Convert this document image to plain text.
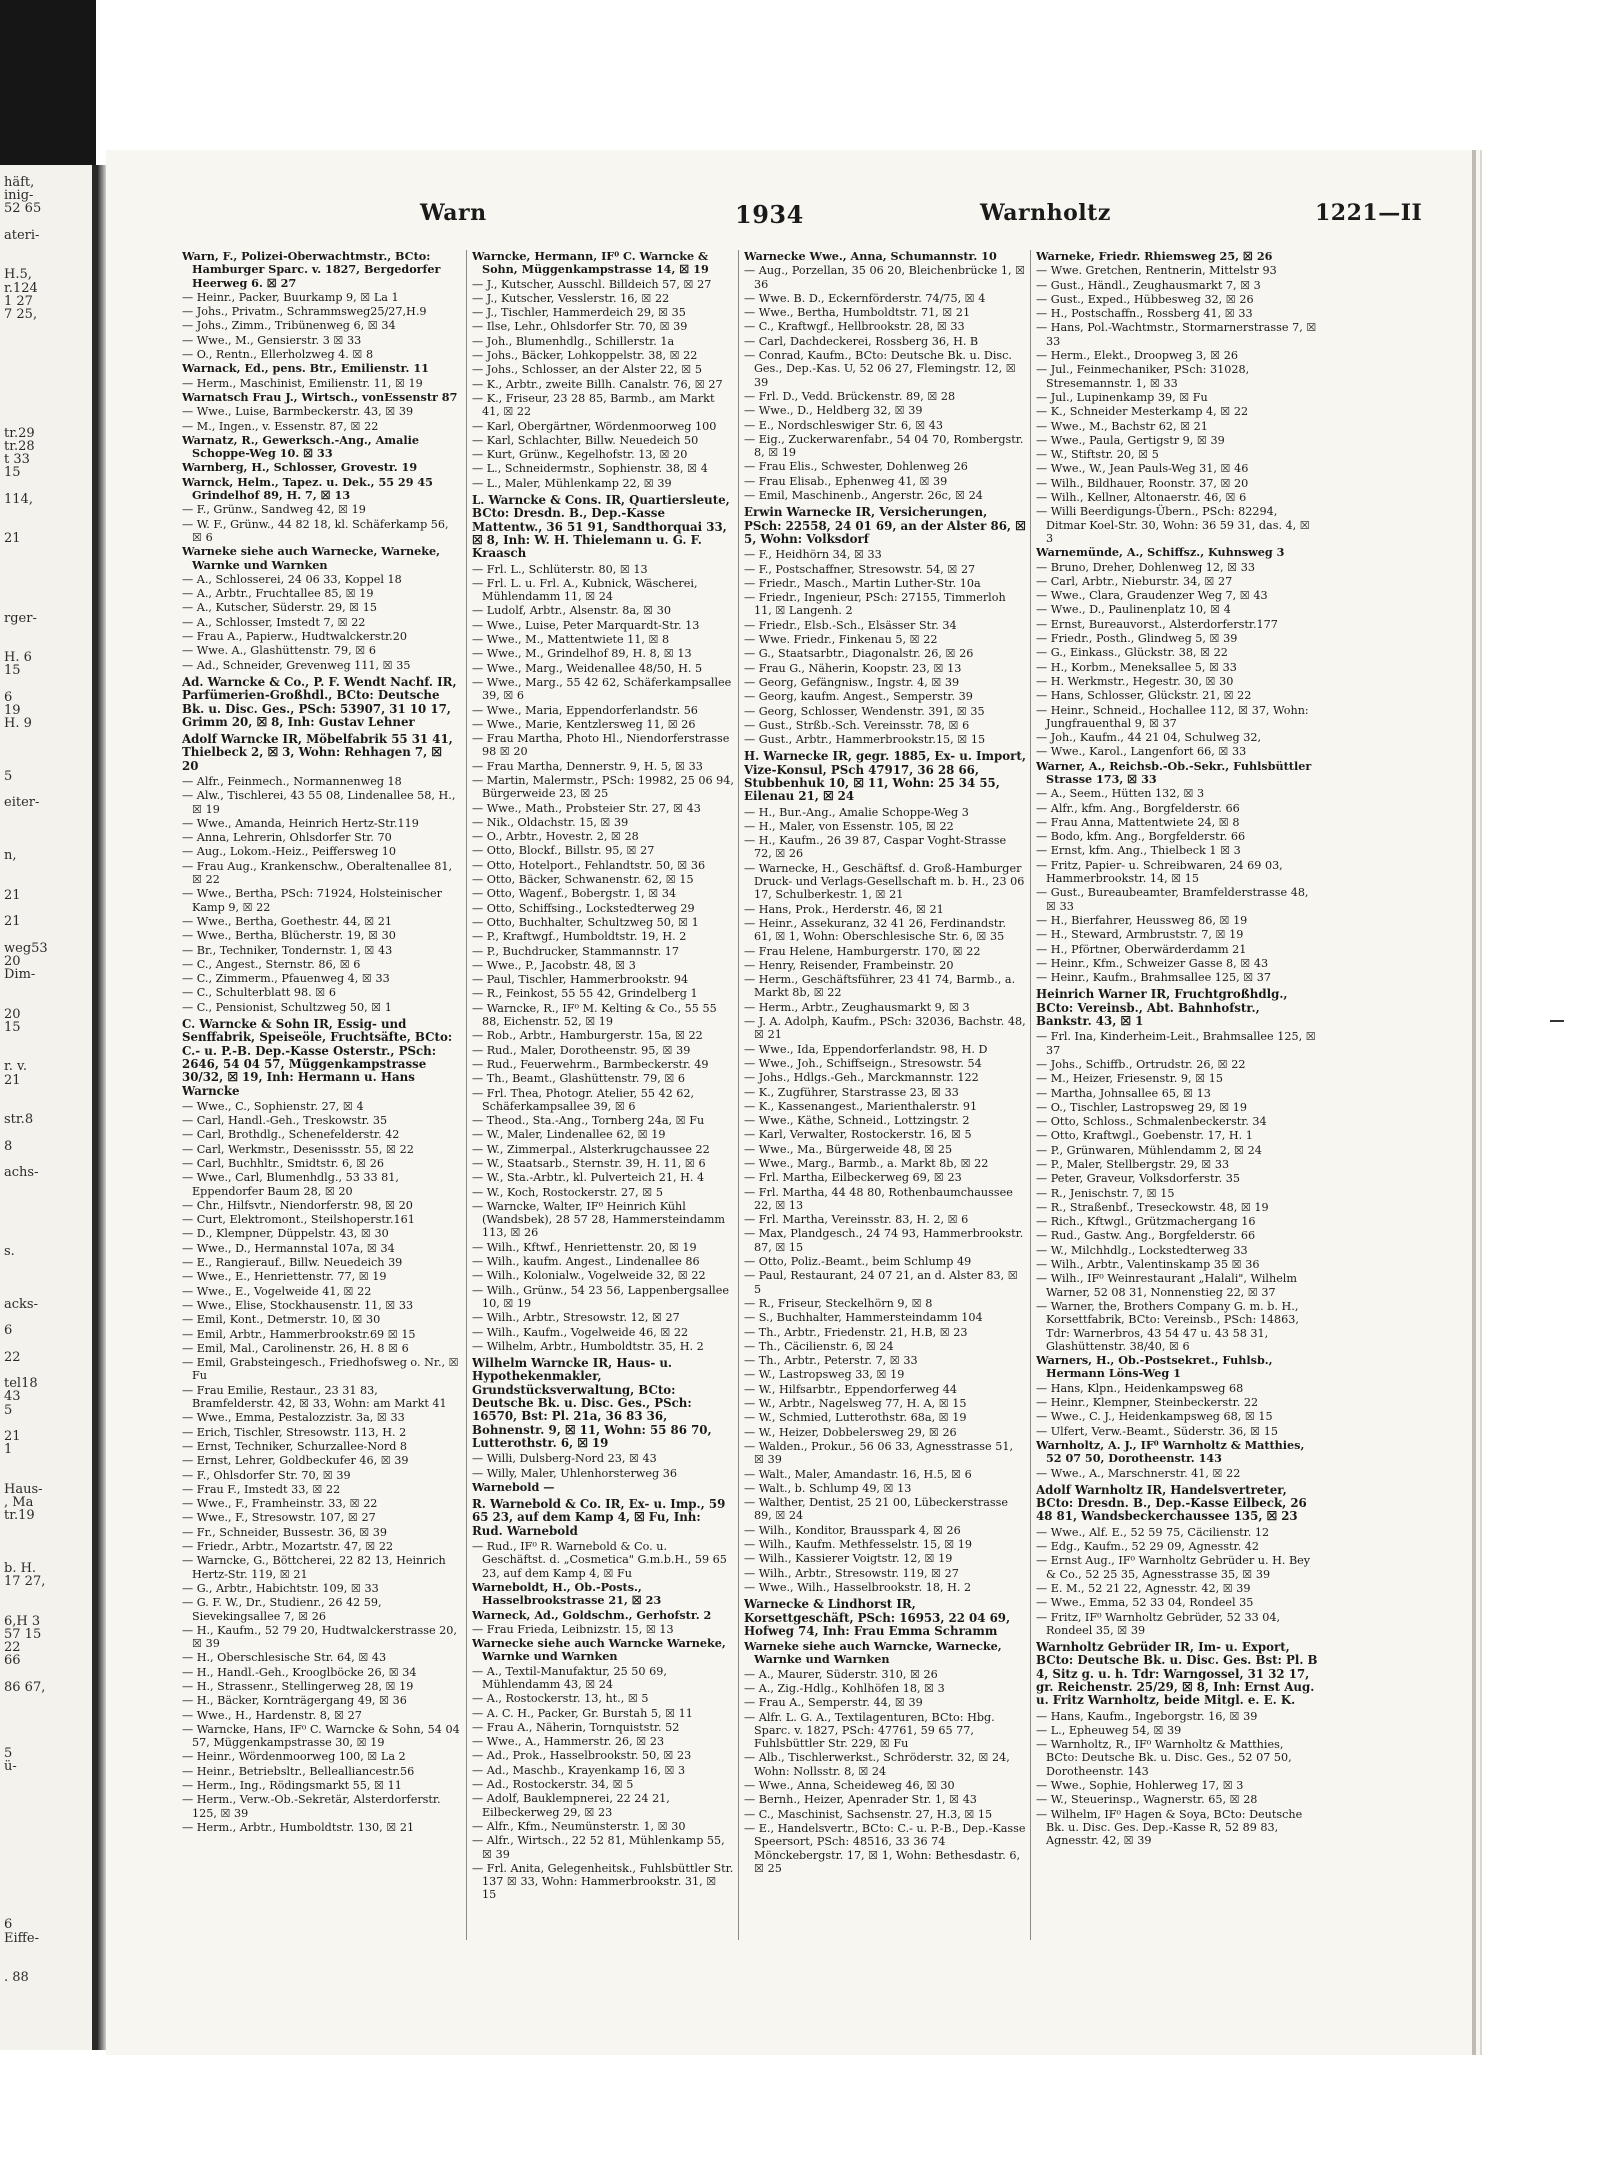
häft,
inig-
52 65
ateri-
H.5,
r.124
1 27
7 25,
tr.29
tr.28
t 33
15
114,
21
rger-
H. 6
15
6
19
H. 9
5
eiter-
n,
21
21
weg53
20
Dim-
20
15
r. v.
21
str.8
8
achs-
s.
acks-
6
22
tel18
43
5
21
1
Haus-
, Ma
tr.19
b. H.
17 27,
6,H 3
57 15
22
66
86 67,
5
ü-
6
Eiffe-
. 88
Warn	1934	Warnholtz	1221—II
Warn, F., Polizei-Oberwachtmstr., BCto: Hamburger Sparc. v. 1827, Bergedorfer Heerweg 6. ☒ 27
— Heinr., Packer, Buurkamp 9, ☒ La 1
— Johs., Privatm., Schrammsweg25/27,H.9
— Johs., Zimm., Tribünenweg 6, ☒ 34
— Wwe., M., Gensierstr. 3 ☒ 33
— O., Rentn., Ellerholzweg 4. ☒ 8
Warnack, Ed., pens. Btr., Emilienstr. 11
— Herm., Maschinist, Emilienstr. 11, ☒ 19
Warnatsch Frau J., Wirtsch., vonEssenstr 87
— Wwe., Luise, Barmbeckerstr. 43, ☒ 39
— M., Ingen., v. Essenstr. 87, ☒ 22
Warnatz, R., Gewerksch.-Ang., Amalie Schoppe-Weg 10. ☒ 33
Warnberg, H., Schlosser, Grovestr. 19
Warnck, Helm., Tapez. u. Dek., 55 29 45 Grindelhof 89, H. 7, ☒ 13
— F., Grünw., Sandweg 42, ☒ 19
— W. F., Grünw., 44 82 18, kl. Schäferkamp 56, ☒ 6
Warneke siehe auch Warnecke, Warneke, Warnke und Warnken
— A., Schlosserei, 24 06 33, Koppel 18
— A., Arbtr., Fruchtallee 85, ☒ 19
— A., Kutscher, Süderstr. 29, ☒ 15
— A., Schlosser, Imstedt 7, ☒ 22
— Frau A., Papierw., Hudtwalckerstr.20
— Wwe. A., Glashüttenstr. 79, ☒ 6
— Ad., Schneider, Grevenweg 111, ☒ 35
Ad. Warncke & Co., P. F. Wendt Nachf. IR, Parfümerien-Großhdl., BCto: Deutsche Bk. u. Disc. Ges., PSch: 53907, 31 10 17, Grimm 20, ☒ 8, Inh: Gustav Lehner
Adolf Warncke IR, Möbelfabrik 55 31 41, Thielbeck 2, ☒ 3, Wohn: Rehhagen 7, ☒ 20
— Alfr., Feinmech., Normannenweg 18
— Alw., Tischlerei, 43 55 08, Lindenallee 58, H., ☒ 19
— Wwe., Amanda, Heinrich Hertz-Str.119
— Anna, Lehrerin, Ohlsdorfer Str. 70
— Aug., Lokom.-Heiz., Peiffersweg 10
— Frau Aug., Krankenschw., Oberaltenallee 81, ☒ 22
— Wwe., Bertha, PSch: 71924, Holsteinischer Kamp 9, ☒ 22
— Wwe., Bertha, Goethestr. 44, ☒ 21
— Wwe., Bertha, Blücherstr. 19, ☒ 30
— Br., Techniker, Tondernstr. 1, ☒ 43
— C., Angest., Sternstr. 86, ☒ 6
— C., Zimmerm., Pfauenweg 4, ☒ 33
— C., Schulterblatt 98. ☒ 6
— C., Pensionist, Schultzweg 50, ☒ 1
C. Warncke & Sohn IR, Essig- und Senffabrik, Speiseöle, Fruchtsäfte, BCto: C.- u. P.-B. Dep.-Kasse Osterstr., PSch: 2646, 54 04 57, Müggenkampstrasse 30/32, ☒ 19, Inh: Hermann u. Hans Warncke
— Wwe., C., Sophienstr. 27, ☒ 4
— Carl, Handl.-Geh., Treskowstr. 35
— Carl, Brothdlg., Schenefelderstr. 42
— Carl, Werkmstr., Desenissstr. 55, ☒ 22
— Carl, Buchhltr., Smidtstr. 6, ☒ 26
— Wwe., Carl, Blumenhdlg., 53 33 81, Eppendorfer Baum 28, ☒ 20
— Chr., Hilfsvtr., Niendorferstr. 98, ☒ 20
— Curt, Elektromont., Steilshoperstr.161
— D., Klempner, Düppelstr. 43, ☒ 30
— Wwe., D., Hermannstal 107a, ☒ 34
— E., Rangierauf., Billw. Neuedeich 39
— Wwe., E., Henriettenstr. 77, ☒ 19
— Wwe., E., Vogelweide 41, ☒ 22
— Wwe., Elise, Stockhausenstr. 11, ☒ 33
— Emil, Kont., Detmerstr. 10, ☒ 30
— Emil, Arbtr., Hammerbrookstr.69 ☒ 15
— Emil, Mal., Carolinenstr. 26, H. 8 ☒ 6
— Emil, Grabsteingesch., Friedhofsweg o. Nr., ☒ Fu
— Frau Emilie, Restaur., 23 31 83, Bramfelderstr. 42, ☒ 33, Wohn: am Markt 41
— Wwe., Emma, Pestalozzistr. 3a, ☒ 33
— Erich, Tischler, Stresowstr. 113, H. 2
— Ernst, Techniker, Schurzallee-Nord 8
— Ernst, Lehrer, Goldbeckufer 46, ☒ 39
— F., Ohlsdorfer Str. 70, ☒ 39
— Frau F., Imstedt 33, ☒ 22
— Wwe., F., Framheinstr. 33, ☒ 22
— Wwe., F., Stresowstr. 107, ☒ 27
— Fr., Schneider, Bussestr. 36, ☒ 39
— Friedr., Arbtr., Mozartstr. 47, ☒ 22
— Warncke, G., Böttcherei, 22 82 13, Heinrich Hertz-Str. 119, ☒ 21
— G., Arbtr., Habichtstr. 109, ☒ 33
— G. F. W., Dr., Studienr., 26 42 59, Sievekingsallee 7, ☒ 26
— H., Kaufm., 52 79 20, Hudtwalckerstrasse 20, ☒ 39
— H., Oberschlesische Str. 64, ☒ 43
— H., Handl.-Geh., Krooglböcke 26, ☒ 34
— H., Strassenr., Stellingerweg 28, ☒ 19
— H., Bäcker, Kornträgergang 49, ☒ 36
— Wwe., H., Hardenstr. 8, ☒ 27
— Warncke, Hans, ⅠF⁰ C. Warncke & Sohn, 54 04 57, Müggenkampstrasse 30, ☒ 19
— Heinr., Wördenmoorweg 100, ☒ La 2
— Heinr., Betriebsltr., Bellealliancestr.56
— Herm., Ing., Rödingsmarkt 55, ☒ 11
— Herm., Verw.-Ob.-Sekretär, Alsterdorferstr. 125, ☒ 39
— Herm., Arbtr., Humboldtstr. 130, ☒ 21
Warncke, Hermann, ⅠF⁰ C. Warncke & Sohn, Müggenkampstrasse 14, ☒ 19
— J., Kutscher, Ausschl. Billdeich 57, ☒ 27
— J., Kutscher, Vesslerstr. 16, ☒ 22
— J., Tischler, Hammerdeich 29, ☒ 35
— Ilse, Lehr., Ohlsdorfer Str. 70, ☒ 39
— Joh., Blumenhdlg., Schillerstr. 1a
— Johs., Bäcker, Lohkoppelstr. 38, ☒ 22
— Johs., Schlosser, an der Alster 22, ☒ 5
— K., Arbtr., zweite Billh. Canalstr. 76, ☒ 27
— K., Friseur, 23 28 85, Barmb., am Markt 41, ☒ 22
— Karl, Obergärtner, Wördenmoorweg 100
— Karl, Schlachter, Billw. Neuedeich 50
— Kurt, Grünw., Kegelhofstr. 13, ☒ 20
— L., Schneidermstr., Sophienstr. 38, ☒ 4
— L., Maler, Mühlenkamp 22, ☒ 39
L. Warncke & Cons. IR, Quartiersleute, BCto: Dresdn. B., Dep.-Kasse Mattentw., 36 51 91, Sandthorquai 33, ☒ 8, Inh: W. H. Thielemann u. G. F. Kraasch
— Frl. L., Schlüterstr. 80, ☒ 13
— Frl. L. u. Frl. A., Kubnick, Wäscherei, Mühlendamm 11, ☒ 24
— Ludolf, Arbtr., Alsenstr. 8a, ☒ 30
— Wwe., Luise, Peter Marquardt-Str. 13
— Wwe., M., Mattentwiete 11, ☒ 8
— Wwe., M., Grindelhof 89, H. 8, ☒ 13
— Wwe., Marg., Weidenallee 48/50, H. 5
— Wwe., Marg., 55 42 62, Schäferkampsallee 39, ☒ 6
— Wwe., Maria, Eppendorferlandstr. 56
— Wwe., Marie, Kentzlersweg 11, ☒ 26
— Frau Martha, Photo Hl., Niendorferstrasse 98 ☒ 20
— Frau Martha, Dennerstr. 9, H. 5, ☒ 33
— Martin, Malermstr., PSch: 19982, 25 06 94, Bürgerweide 23, ☒ 25
— Wwe., Math., Probsteier Str. 27, ☒ 43
— Nik., Oldachstr. 15, ☒ 39
— O., Arbtr., Hovestr. 2, ☒ 28
— Otto, Blockf., Billstr. 95, ☒ 27
— Otto, Hotelport., Fehlandtstr. 50, ☒ 36
— Otto, Bäcker, Schwanenstr. 62, ☒ 15
— Otto, Wagenf., Bobergstr. 1, ☒ 34
— Otto, Schiffsing., Lockstedterweg 29
— Otto, Buchhalter, Schultzweg 50, ☒ 1
— P., Kraftwgf., Humboldtstr. 19, H. 2
— P., Buchdrucker, Stammannstr. 17
— Wwe., P., Jacobstr. 48, ☒ 3
— Paul, Tischler, Hammerbrookstr. 94
— R., Feinkost, 55 55 42, Grindelberg 1
— Warncke, R., ⅠF⁰ M. Kelting & Co., 55 55 88, Eichenstr. 52, ☒ 19
— Rob., Arbtr., Hamburgerstr. 15a, ☒ 22
— Rud., Maler, Dorotheenstr. 95, ☒ 39
— Rud., Feuerwehrm., Barmbeckerstr. 49
— Th., Beamt., Glashüttenstr. 79, ☒ 6
— Frl. Thea, Photogr. Atelier, 55 42 62, Schäferkampsallee 39, ☒ 6
— Theod., Sta.-Ang., Tornberg 24a, ☒ Fu
— W., Maler, Lindenallee 62, ☒ 19
— W., Zimmerpal., Alsterkrugchaussee 22
— W., Staatsarb., Sternstr. 39, H. 11, ☒ 6
— W., Sta.-Arbtr., kl. Pulverteich 21, H. 4
— W., Koch, Rostockerstr. 27, ☒ 5
— Warncke, Walter, ⅠF⁰ Heinrich Kühl (Wandsbek), 28 57 28, Hammersteindamm 113, ☒ 26
— Wilh., Kftwf., Henriettenstr. 20, ☒ 19
— Wilh., kaufm. Angest., Lindenallee 86
— Wilh., Kolonialw., Vogelweide 32, ☒ 22
— Wilh., Grünw., 54 23 56, Lappenbergsallee 10, ☒ 19
— Wilh., Arbtr., Stresowstr. 12, ☒ 27
— Wilh., Kaufm., Vogelweide 46, ☒ 22
— Wilhelm, Arbtr., Humboldtstr. 35, H. 2
Wilhelm Warncke IR, Haus- u. Hypothekenmakler, Grundstücksverwaltung, BCto: Deutsche Bk. u. Disc. Ges., PSch: 16570, Bst: Pl. 21a, 36 83 36, Bohnenstr. 9, ☒ 11, Wohn: 55 86 70, Lutterothstr. 6, ☒ 19
— Willi, Dulsberg-Nord 23, ☒ 43
— Willy, Maler, Uhlenhorsterweg 36
Warnebold —
R. Warnebold & Co. IR, Ex- u. Imp., 59 65 23, auf dem Kamp 4, ☒ Fu, Inh: Rud. Warnebold
— Rud., ⅠF⁰ R. Warnebold & Co. u. Geschäftst. d. „Cosmetica" G.m.b.H., 59 65 23, auf dem Kamp 4, ☒ Fu
Warneboldt, H., Ob.-Posts., Hasselbrookstrasse 21, ☒ 23
Warneck, Ad., Goldschm., Gerhofstr. 2
— Frau Frieda, Leibnizstr. 15, ☒ 13
Warnecke siehe auch Warncke Warneke, Warnke und Warnken
— A., Textil-Manufaktur, 25 50 69, Mühlendamm 43, ☒ 24
— A., Rostockerstr. 13, ht., ☒ 5
— A. C. H., Packer, Gr. Burstah 5, ☒ 11
— Frau A., Näherin, Tornquiststr. 52
— Wwe., A., Hammerstr. 26, ☒ 23
— Ad., Prok., Hasselbrookstr. 50, ☒ 23
— Ad., Maschb., Krayenkamp 16, ☒ 3
— Ad., Rostockerstr. 34, ☒ 5
— Adolf, Bauklempnerei, 22 24 21, Eilbeckerweg 29, ☒ 23
— Alfr., Kfm., Neumünsterstr. 1, ☒ 30
— Alfr., Wirtsch., 22 52 81, Mühlenkamp 55, ☒ 39
— Frl. Anita, Gelegenheitsk., Fuhlsbüttler Str. 137 ☒ 33, Wohn: Hammerbrookstr. 31, ☒ 15
Warnecke Wwe., Anna, Schumannstr. 10
— Aug., Porzellan, 35 06 20, Bleichenbrücke 1, ☒ 36
— Wwe. B. D., Eckernförderstr. 74/75, ☒ 4
— Wwe., Bertha, Humboldtstr. 71, ☒ 21
— C., Kraftwgf., Hellbrookstr. 28, ☒ 33
— Carl, Dachdeckerei, Rossberg 36, H. B
— Conrad, Kaufm., BCto: Deutsche Bk. u. Disc. Ges., Dep.-Kas. U, 52 06 27, Flemingstr. 12, ☒ 39
— Frl. D., Vedd. Brückenstr. 89, ☒ 28
— Wwe., D., Heldberg 32, ☒ 39
— E., Nordschleswiger Str. 6, ☒ 43
— Eig., Zuckerwarenfabr., 54 04 70, Rombergstr. 8, ☒ 19
— Frau Elis., Schwester, Dohlenweg 26
— Frau Elisab., Ephenweg 41, ☒ 39
— Emil, Maschinenb., Angerstr. 26c, ☒ 24
Erwin Warnecke IR, Versicherungen, PSch: 22558, 24 01 69, an der Alster 86, ☒ 5, Wohn: Volksdorf
— F., Heidhörn 34, ☒ 33
— F., Postschaffner, Stresowstr. 54, ☒ 27
— Friedr., Masch., Martin Luther-Str. 10a
— Friedr., Ingenieur, PSch: 27155, Timmerloh 11, ☒ Langenh. 2
— Friedr., Elsb.-Sch., Elsässer Str. 34
— Wwe. Friedr., Finkenau 5, ☒ 22
— G., Staatsarbtr., Diagonalstr. 26, ☒ 26
— Frau G., Näherin, Koopstr. 23, ☒ 13
— Georg, Gefängnisw., Ingstr. 4, ☒ 39
— Georg, kaufm. Angest., Semperstr. 39
— Georg, Schlosser, Wendenstr. 391, ☒ 35
— Gust., Strßb.-Sch. Vereinsstr. 78, ☒ 6
— Gust., Arbtr., Hammerbrookstr.15, ☒ 15
H. Warnecke IR, gegr. 1885, Ex- u. Import, Vize-Konsul, PSch 47917, 36 28 66, Stubbenhuk 10, ☒ 11, Wohn: 25 34 55, Eilenau 21, ☒ 24
— H., Bur.-Ang., Amalie Schoppe-Weg 3
— H., Maler, von Essenstr. 105, ☒ 22
— H., Kaufm., 26 39 87, Caspar Voght-Strasse 72, ☒ 26
— Warnecke, H., Geschäftsf. d. Groß-Hamburger Druck- und Verlags-Gesellschaft m. b. H., 23 06 17, Schulberkestr. 1, ☒ 21
— Hans, Prok., Herderstr. 46, ☒ 21
— Heinr., Assekuranz, 32 41 26, Ferdinandstr. 61, ☒ 1, Wohn: Oberschlesische Str. 6, ☒ 35
— Frau Helene, Hamburgerstr. 170, ☒ 22
— Henry, Reisender, Frambeinstr. 20
— Herm., Geschäftsführer, 23 41 74, Barmb., a. Markt 8b, ☒ 22
— Herm., Arbtr., Zeughausmarkt 9, ☒ 3
— J. A. Adolph, Kaufm., PSch: 32036, Bachstr. 48, ☒ 21
— Wwe., Ida, Eppendorferlandstr. 98, H. D
— Wwe., Joh., Schiffseign., Stresowstr. 54
— Johs., Hdlgs.-Geh., Marckmannstr. 122
— K., Zugführer, Starstrasse 23, ☒ 33
— K., Kassenangest., Marienthalerstr. 91
— Wwe., Käthe, Schneid., Lottzingstr. 2
— Karl, Verwalter, Rostockerstr. 16, ☒ 5
— Wwe., Ma., Bürgerweide 48, ☒ 25
— Wwe., Marg., Barmb., a. Markt 8b, ☒ 22
— Frl. Martha, Eilbeckerweg 69, ☒ 23
— Frl. Martha, 44 48 80, Rothenbaumchaussee 22, ☒ 13
— Frl. Martha, Vereinsstr. 83, H. 2, ☒ 6
— Max, Plandgesch., 24 74 93, Hammerbrookstr. 87, ☒ 15
— Otto, Poliz.-Beamt., beim Schlump 49
— Paul, Restaurant, 24 07 21, an d. Alster 83, ☒ 5
— R., Friseur, Steckelhörn 9, ☒ 8
— S., Buchhalter, Hammersteindamm 104
— Th., Arbtr., Friedenstr. 21, H.B, ☒ 23
— Th., Cäcilienstr. 6, ☒ 24
— Th., Arbtr., Peterstr. 7, ☒ 33
— W., Lastropsweg 33, ☒ 19
— W., Hilfsarbtr., Eppendorferweg 44
— W., Arbtr., Nagelsweg 77, H. A, ☒ 15
— W., Schmied, Lutterothstr. 68a, ☒ 19
— W., Heizer, Dobbelersweg 29, ☒ 26
— Walden., Prokur., 56 06 33, Agnesstrasse 51, ☒ 39
— Walt., Maler, Amandastr. 16, H.5, ☒ 6
— Walt., b. Schlump 49, ☒ 13
— Walther, Dentist, 25 21 00, Lübeckerstrasse 89, ☒ 24
— Wilh., Konditor, Brausspark 4, ☒ 26
— Wilh., Kaufm. Methfesselstr. 15, ☒ 19
— Wilh., Kassierer Voigtstr. 12, ☒ 19
— Wilh., Arbtr., Stresowstr. 119, ☒ 27
— Wwe., Wilh., Hasselbrookstr. 18, H. 2
Warnecke & Lindhorst IR, Korsettgeschäft, PSch: 16953, 22 04 69, Hofweg 74, Inh: Frau Emma Schramm
Warneke siehe auch Warncke, Warnecke, Warnke und Warnken
— A., Maurer, Süderstr. 310, ☒ 26
— A., Zig.-Hdlg., Kohlhöfen 18, ☒ 3
— Frau A., Semperstr. 44, ☒ 39
— Alfr. L. G. A., Textilagenturen, BCto: Hbg. Sparc. v. 1827, PSch: 47761, 59 65 77, Fuhlsbüttler Str. 229, ☒ Fu
— Alb., Tischlerwerkst., Schröderstr. 32, ☒ 24, Wohn: Nollsstr. 8, ☒ 24
— Wwe., Anna, Scheideweg 46, ☒ 30
— Bernh., Heizer, Apenrader Str. 1, ☒ 43
— C., Maschinist, Sachsenstr. 27, H.3, ☒ 15
— E., Handelsvertr., BCto: C.- u. P.-B., Dep.-Kasse Speersort, PSch: 48516, 33 36 74 Mönckebergstr. 17, ☒ 1, Wohn: Bethesdastr. 6, ☒ 25
Warneke, Friedr. Rhiemsweg 25, ☒ 26
— Wwe. Gretchen, Rentnerin, Mittelstr 93
— Gust., Händl., Zeughausmarkt 7, ☒ 3
— Gust., Exped., Hübbesweg 32, ☒ 26
— H., Postschaffn., Rossberg 41, ☒ 33
— Hans, Pol.-Wachtmstr., Stormarnerstrasse 7, ☒ 33
— Herm., Elekt., Droopweg 3, ☒ 26
— Jul., Feinmechaniker, PSch: 31028, Stresemannstr. 1, ☒ 33
— Jul., Lupinenkamp 39, ☒ Fu
— K., Schneider Mesterkamp 4, ☒ 22
— Wwe., M., Bachstr 62, ☒ 21
— Wwe., Paula, Gertigstr 9, ☒ 39
— W., Stiftstr. 20, ☒ 5
— Wwe., W., Jean Pauls-Weg 31, ☒ 46
— Wilh., Bildhauer, Roonstr. 37, ☒ 20
— Wilh., Kellner, Altonaerstr. 46, ☒ 6
— Willi Beerdigungs-Übern., PSch: 82294, Ditmar Koel-Str. 30, Wohn: 36 59 31, das. 4, ☒ 3
Warnemünde, A., Schiffsz., Kuhnsweg 3
— Bruno, Dreher, Dohlenweg 12, ☒ 33
— Carl, Arbtr., Nieburstr. 34, ☒ 27
— Wwe., Clara, Graudenzer Weg 7, ☒ 43
— Wwe., D., Paulinenplatz 10, ☒ 4
— Ernst, Bureauvorst., Alsterdorferstr.177
— Friedr., Posth., Glindweg 5, ☒ 39
— G., Einkass., Glückstr. 38, ☒ 22
— H., Korbm., Meneksallee 5, ☒ 33
— H. Werkmstr., Hegestr. 30, ☒ 30
— Hans, Schlosser, Glückstr. 21, ☒ 22
— Heinr., Schneid., Hochallee 112, ☒ 37, Wohn: Jungfrauenthal 9, ☒ 37
— Joh., Kaufm., 44 21 04, Schulweg 32,
— Wwe., Karol., Langenfort 66, ☒ 33
Warner, A., Reichsb.-Ob.-Sekr., Fuhlsbüttler Strasse 173, ☒ 33
— A., Seem., Hütten 132, ☒ 3
— Alfr., kfm. Ang., Borgfelderstr. 66
— Frau Anna, Mattentwiete 24, ☒ 8
— Bodo, kfm. Ang., Borgfelderstr. 66
— Ernst, kfm. Ang., Thielbeck 1 ☒ 3
— Fritz, Papier- u. Schreibwaren, 24 69 03, Hammerbrookstr. 14, ☒ 15
— Gust., Bureaubeamter, Bramfelderstrasse 48, ☒ 33
— H., Bierfahrer, Heussweg 86, ☒ 19
— H., Steward, Armbruststr. 7, ☒ 19
— H., Pförtner, Oberwärderdamm 21
— Heinr., Kfm., Schweizer Gasse 8, ☒ 43
— Heinr., Kaufm., Brahmsallee 125, ☒ 37
Heinrich Warner IR, Fruchtgroßhdlg., BCto: Vereinsb., Abt. Bahnhofstr., Bankstr. 43, ☒ 1
— Frl. Ina, Kinderheim-Leit., Brahmsallee 125, ☒ 37
— Johs., Schiffb., Ortrudstr. 26, ☒ 22
— M., Heizer, Friesenstr. 9, ☒ 15
— Martha, Johnsallee 65, ☒ 13
— O., Tischler, Lastropsweg 29, ☒ 19
— Otto, Schloss., Schmalenbeckerstr. 34
— Otto, Kraftwgl., Goebenstr. 17, H. 1
— P., Grünwaren, Mühlendamm 2, ☒ 24
— P., Maler, Stellbergstr. 29, ☒ 33
— Peter, Graveur, Volksdorferstr. 35
— R., Jenischstr. 7, ☒ 15
— R., Straßenbf., Treseckowstr. 48, ☒ 19
— Rich., Kftwgl., Grützmachergang 16
— Rud., Gastw. Ang., Borgfelderstr. 66
— W., Milchhdlg., Lockstedterweg 33
— Wilh., Arbtr., Valentinskamp 35 ☒ 36
— Wilh., ⅠF⁰ Weinrestaurant „Halali", Wilhelm Warner, 52 08 31, Nonnenstieg 22, ☒ 37
— Warner, the, Brothers Company G. m. b. H., Korsettfabrik, BCto: Vereinsb., PSch: 14863, Tdr: Warnerbros, 43 54 47 u. 43 58 31, Glashüttenstr. 38/40, ☒ 6
Warners, H., Ob.-Postsekret., Fuhlsb., Hermann Löns-Weg 1
— Hans, Klpn., Heidenkampsweg 68
— Heinr., Klempner, Steinbeckerstr. 22
— Wwe., C. J., Heidenkampsweg 68, ☒ 15
— Ulfert, Verw.-Beamt., Süderstr. 36, ☒ 15
Warnholtz, A. J., ⅠF⁰ Warnholtz & Matthies, 52 07 50, Dorotheenstr. 143
— Wwe., A., Marschnerstr. 41, ☒ 22
Adolf Warnholtz IR, Handelsvertreter, BCto: Dresdn. B., Dep.-Kasse Eilbeck, 26 48 81, Wandsbeckerchaussee 135, ☒ 23
— Wwe., Alf. E., 52 59 75, Cäcilienstr. 12
— Edg., Kaufm., 52 29 09, Agnesstr. 42
— Ernst Aug., ⅠF⁰ Warnholtz Gebrüder u. H. Bey & Co., 52 25 35, Agnesstrasse 35, ☒ 39
— E. M., 52 21 22, Agnesstr. 42, ☒ 39
— Wwe., Emma, 52 33 04, Rondeel 35
— Fritz, ⅠF⁰ Warnholtz Gebrüder, 52 33 04, Rondeel 35, ☒ 39
Warnholtz Gebrüder IR, Im- u. Export, BCto: Deutsche Bk. u. Disc. Ges. Bst: Pl. B 4, Sitz g. u. h. Tdr: Warngossel, 31 32 17, gr. Reichenstr. 25/29, ☒ 8, Inh: Ernst Aug. u. Fritz Warnholtz, beide Mitgl. e. E. K.
— Hans, Kaufm., Ingeborgstr. 16, ☒ 39
— L., Epheuweg 54, ☒ 39
— Warnholtz, R., ⅠF⁰ Warnholtz & Matthies, BCto: Deutsche Bk. u. Disc. Ges., 52 07 50, Dorotheenstr. 143
— Wwe., Sophie, Hohlerweg 17, ☒ 3
— W., Steuerinsp., Wagnerstr. 65, ☒ 28
— Wilhelm, ⅠF⁰ Hagen & Soya, BCto: Deutsche Bk. u. Disc. Ges. Dep.-Kasse R, 52 89 83, Agnesstr. 42, ☒ 39
